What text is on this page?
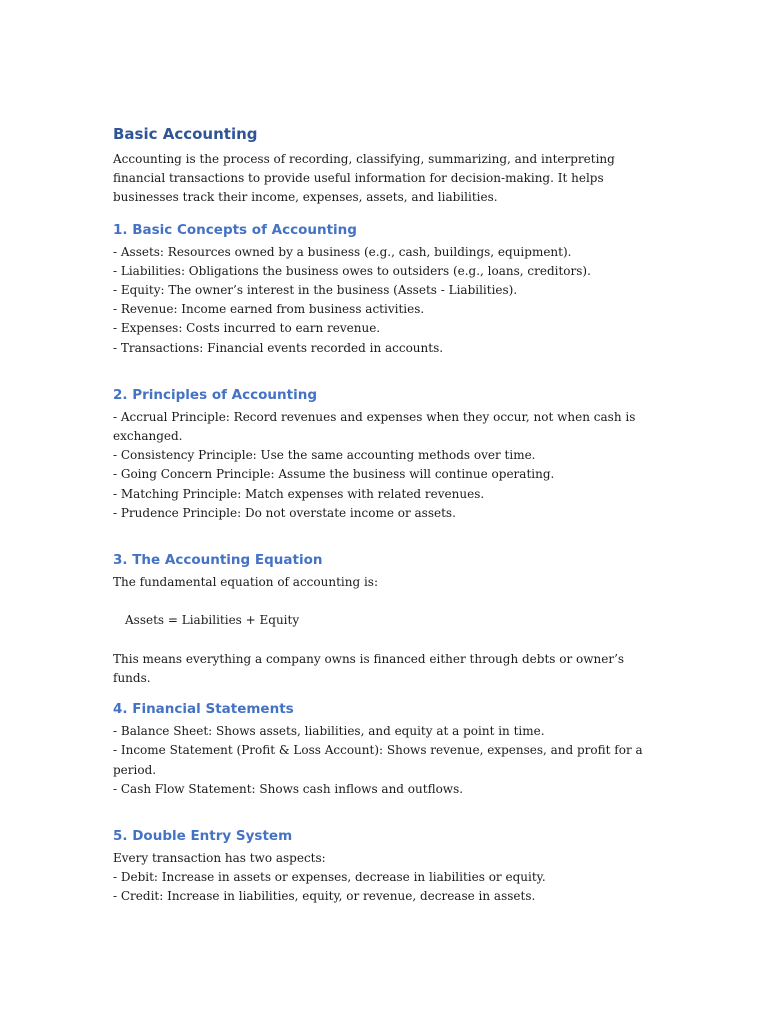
Basic Accounting

Accounting is the process of recording, classifying, summarizing, and interpreting financial transactions to provide useful information for decision-making. It helps businesses track their income, expenses, assets, and liabilities.

1. Basic Concepts of Accounting

- Assets: Resources owned by a business (e.g., cash, buildings, equipment).

- Liabilities: Obligations the business owes to outsiders (e.g., loans, creditors).

- Equity: The owner’s interest in the business (Assets - Liabilities).

- Revenue: Income earned from business activities.

- Expenses: Costs incurred to earn revenue.

- Transactions: Financial events recorded in accounts.

2. Principles of Accounting

- Accrual Principle: Record revenues and expenses when they occur, not when cash is exchanged.

- Consistency Principle: Use the same accounting methods over time.

- Going Concern Principle: Assume the business will continue operating.

- Matching Principle: Match expenses with related revenues.

- Prudence Principle: Do not overstate income or assets.

3. The Accounting Equation

The fundamental equation of accounting is:

Assets = Liabilities + Equity

This means everything a company owns is financed either through debts or owner’s funds.

4. Financial Statements

- Balance Sheet: Shows assets, liabilities, and equity at a point in time.

- Income Statement (Profit & Loss Account): Shows revenue, expenses, and profit for a period.

- Cash Flow Statement: Shows cash inflows and outflows.

5. Double Entry System

Every transaction has two aspects:

- Debit: Increase in assets or expenses, decrease in liabilities or equity.

- Credit: Increase in liabilities, equity, or revenue, decrease in assets.
